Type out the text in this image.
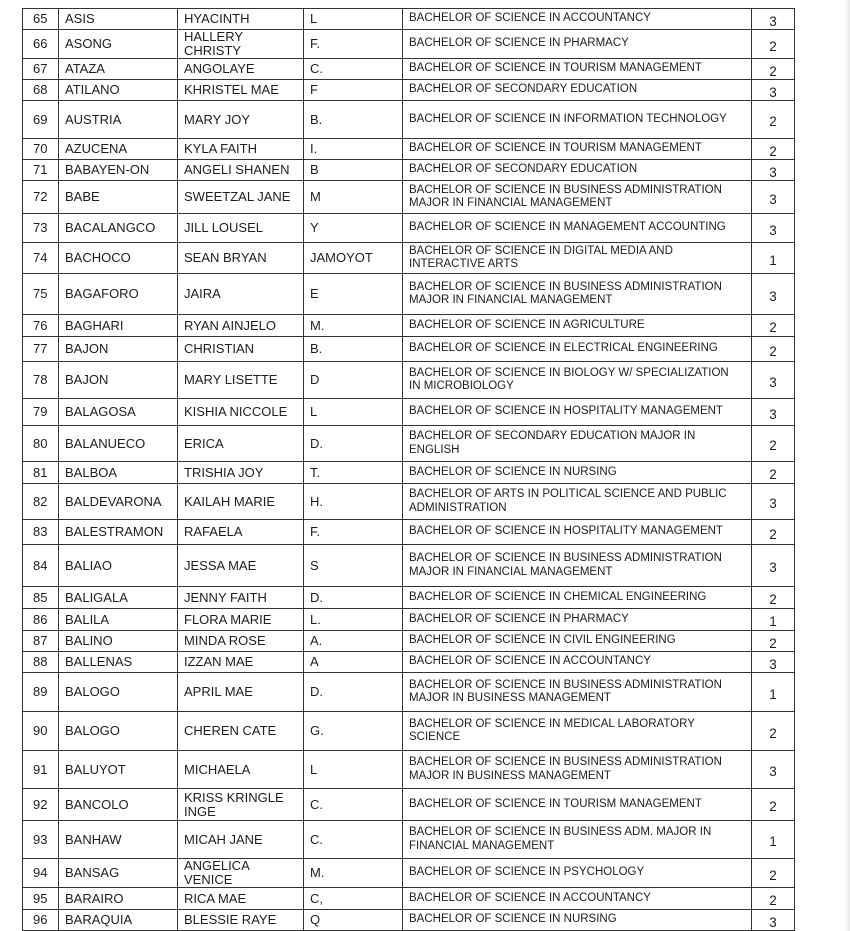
65	ASIS	HYACINTH	L	BACHELOR OF SCIENCE IN ACCOUNTANCY	3
66	ASONG	HALLERY CHRISTY	F.	BACHELOR OF SCIENCE IN PHARMACY	2
67	ATAZA	ANGOLAYE	C.	BACHELOR OF SCIENCE IN TOURISM MANAGEMENT	2
68	ATILANO	KHRISTEL MAE	F	BACHELOR OF SECONDARY EDUCATION	3
69	AUSTRIA	MARY JOY	B.	BACHELOR OF SCIENCE IN INFORMATION TECHNOLOGY	2
70	AZUCENA	KYLA FAITH	I.	BACHELOR OF SCIENCE IN TOURISM MANAGEMENT	2
71	BABAYEN-ON	ANGELI SHANEN	B	BACHELOR OF SECONDARY EDUCATION	3
72	BABE	SWEETZAL JANE	M	BACHELOR OF SCIENCE IN BUSINESS ADMINISTRATION MAJOR IN FINANCIAL MANAGEMENT	3
73	BACALANGCO	JILL LOUSEL	Y	BACHELOR OF SCIENCE IN MANAGEMENT ACCOUNTING	3
74	BACHOCO	SEAN BRYAN	JAMOYOT	BACHELOR OF SCIENCE IN DIGITAL MEDIA AND INTERACTIVE ARTS	1
75	BAGAFORO	JAIRA	E	BACHELOR OF SCIENCE IN BUSINESS ADMINISTRATION MAJOR IN FINANCIAL MANAGEMENT	3
76	BAGHARI	RYAN AINJELO	M.	BACHELOR OF SCIENCE IN AGRICULTURE	2
77	BAJON	CHRISTIAN	B.	BACHELOR OF SCIENCE IN ELECTRICAL ENGINEERING	2
78	BAJON	MARY LISETTE	D	BACHELOR OF SCIENCE IN BIOLOGY W/ SPECIALIZATION IN MICROBIOLOGY	3
79	BALAGOSA	KISHIA NICCOLE	L	BACHELOR OF SCIENCE IN HOSPITALITY MANAGEMENT	3
80	BALANUECO	ERICA	D.	BACHELOR OF SECONDARY EDUCATION MAJOR IN ENGLISH	2
81	BALBOA	TRISHIA JOY	T.	BACHELOR OF SCIENCE IN NURSING	2
82	BALDEVARONA	KAILAH MARIE	H.	BACHELOR OF ARTS IN POLITICAL SCIENCE AND PUBLIC ADMINISTRATION	3
83	BALESTRAMON	RAFAELA	F.	BACHELOR OF SCIENCE IN HOSPITALITY MANAGEMENT	2
84	BALIAO	JESSA MAE	S	BACHELOR OF SCIENCE IN BUSINESS ADMINISTRATION MAJOR IN FINANCIAL MANAGEMENT	3
85	BALIGALA	JENNY FAITH	D.	BACHELOR OF SCIENCE IN CHEMICAL ENGINEERING	2
86	BALILA	FLORA MARIE	L.	BACHELOR OF SCIENCE IN PHARMACY	1
87	BALINO	MINDA ROSE	A.	BACHELOR OF SCIENCE IN CIVIL ENGINEERING	2
88	BALLENAS	IZZAN MAE	A	BACHELOR OF SCIENCE IN ACCOUNTANCY	3
89	BALOGO	APRIL MAE	D.	BACHELOR OF SCIENCE IN BUSINESS ADMINISTRATION MAJOR IN BUSINESS MANAGEMENT	1
90	BALOGO	CHEREN CATE	G.	BACHELOR OF SCIENCE IN MEDICAL LABORATORY SCIENCE	2
91	BALUYOT	MICHAELA	L	BACHELOR OF SCIENCE IN BUSINESS ADMINISTRATION MAJOR IN BUSINESS MANAGEMENT	3
92	BANCOLO	KRISS KRINGLE INGE	C.	BACHELOR OF SCIENCE IN TOURISM MANAGEMENT	2
93	BANHAW	MICAH JANE	C.	BACHELOR OF SCIENCE IN BUSINESS ADM. MAJOR IN FINANCIAL MANAGEMENT	1
94	BANSAG	ANGELICA VENICE	M.	BACHELOR OF SCIENCE IN PSYCHOLOGY	2
95	BARAIRO	RICA MAE	C,	BACHELOR OF SCIENCE IN ACCOUNTANCY	2
96	BARAQUIA	BLESSIE RAYE	Q	BACHELOR OF SCIENCE IN NURSING	3
